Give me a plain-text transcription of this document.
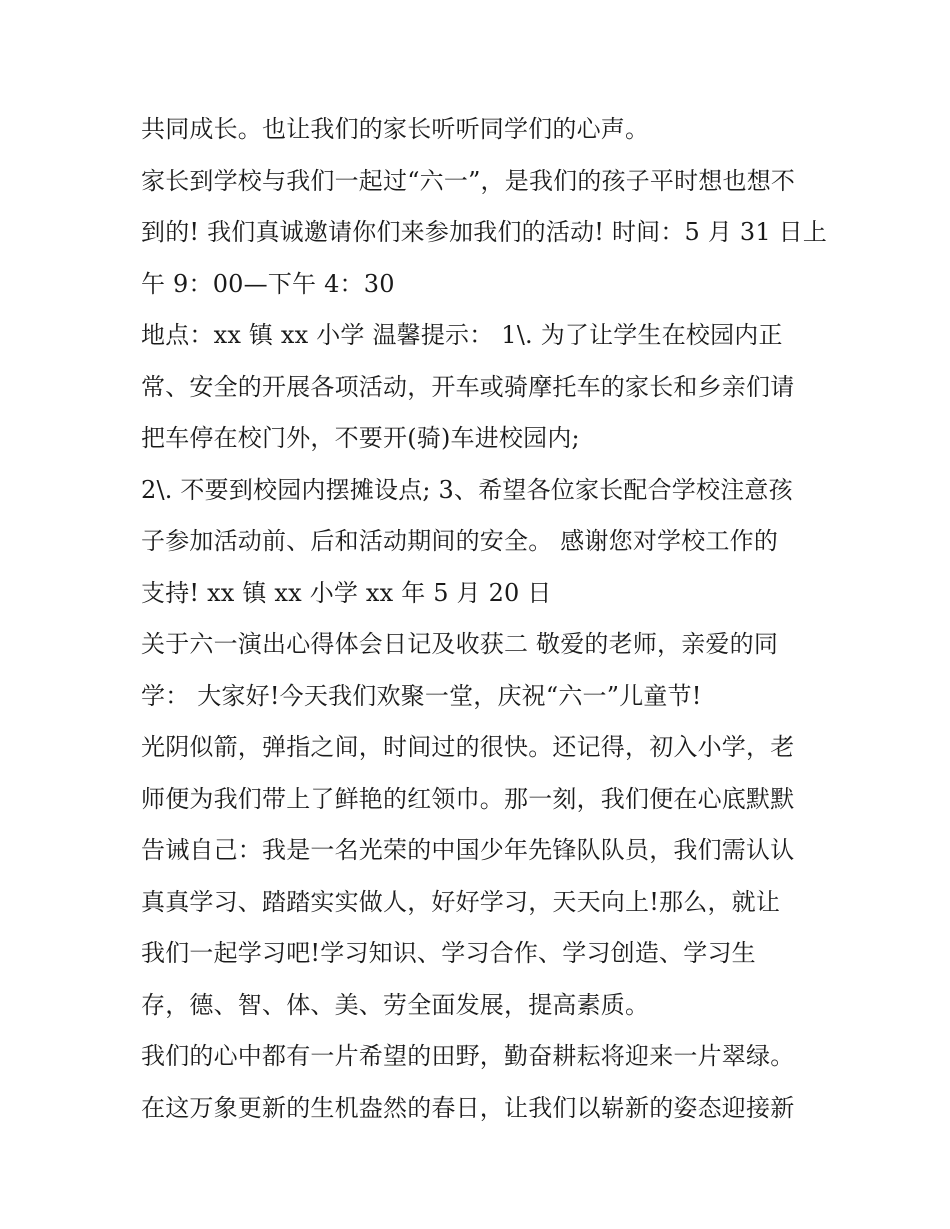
共同成长。也让我们的家长听听同学们的心声。
家长到学校与我们一起过“六一”，是我们的孩子平时想也想不
到的! 我们真诚邀请你们来参加我们的活动! 时间：5 月 31 日上
午 9：00—下午 4：30
地点：xx 镇 xx 小学 温馨提示： 1\. 为了让学生在校园内正
常、安全的开展各项活动，开车或骑摩托车的家长和乡亲们请
把车停在校门外，不要开(骑)车进校园内;
2\. 不要到校园内摆摊设点; 3、希望各位家长配合学校注意孩
子参加活动前、后和活动期间的安全。 感谢您对学校工作的
支持! xx 镇 xx 小学 xx 年 5 月 20 日
关于六一演出心得体会日记及收获二 敬爱的老师，亲爱的同
学： 大家好!今天我们欢聚一堂，庆祝“六一”儿童节!
光阴似箭，弹指之间，时间过的很快。还记得，初入小学，老
师便为我们带上了鲜艳的红领巾。那一刻，我们便在心底默默
告诫自己：我是一名光荣的中国少年先锋队队员，我们需认认
真真学习、踏踏实实做人，好好学习，天天向上!那么，就让
我们一起学习吧!学习知识、学习合作、学习创造、学习生
存，德、智、体、美、劳全面发展，提高素质。
我们的心中都有一片希望的田野，勤奋耕耘将迎来一片翠绿。
在这万象更新的生机盎然的春日，让我们以崭新的姿态迎接新
